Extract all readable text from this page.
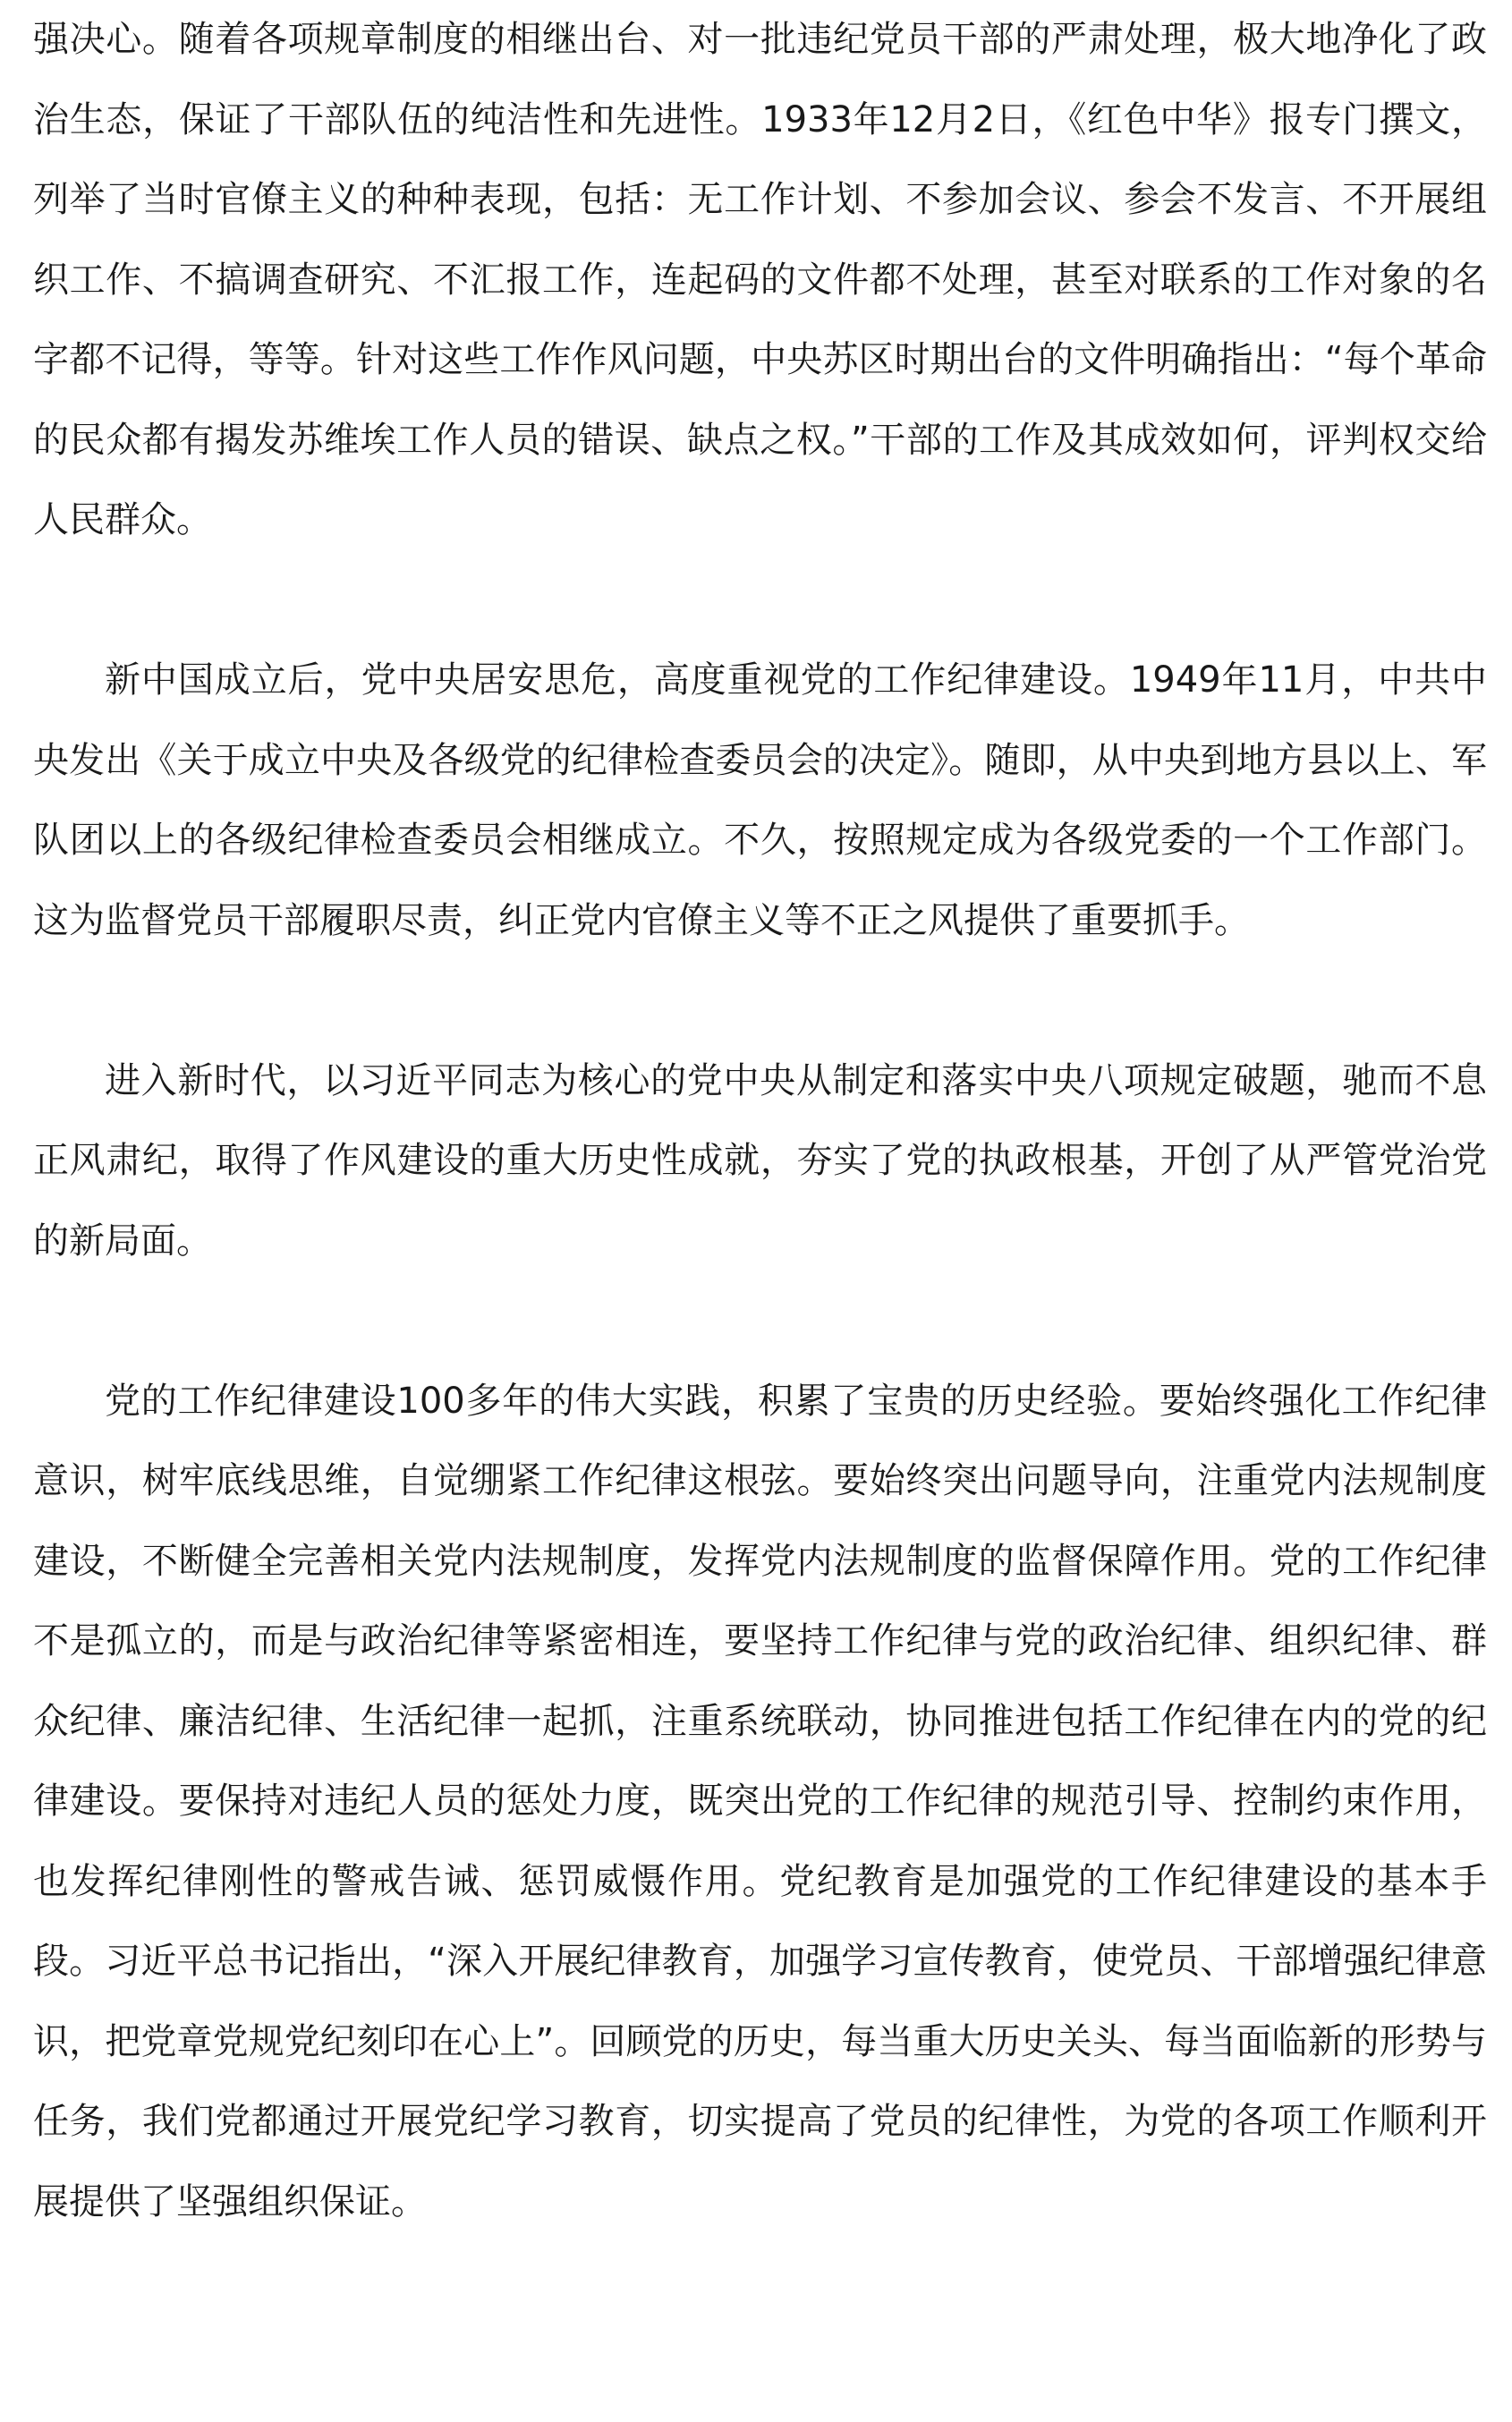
强决心。随着各项规章制度的相继出台、对一批违纪党员干部的严肃处理，极大地净化了政治生态，保证了干部队伍的纯洁性和先进性。1933年12月2日，《红色中华》报专门撰文，列举了当时官僚主义的种种表现，包括：无工作计划、不参加会议、参会不发言、不开展组织工作、不搞调查研究、不汇报工作，连起码的文件都不处理，甚至对联系的工作对象的名字都不记得，等等。针对这些工作作风问题，中央苏区时期出台的文件明确指出：“每个革命的民众都有揭发苏维埃工作人员的错误、缺点之权。”干部的工作及其成效如何，评判权交给人民群众。

新中国成立后，党中央居安思危，高度重视党的工作纪律建设。1949年11月，中共中央发出《关于成立中央及各级党的纪律检查委员会的决定》。随即，从中央到地方县以上、军队团以上的各级纪律检查委员会相继成立。不久，按照规定成为各级党委的一个工作部门。这为监督党员干部履职尽责，纠正党内官僚主义等不正之风提供了重要抓手。

进入新时代，以习近平同志为核心的党中央从制定和落实中央八项规定破题，驰而不息正风肃纪，取得了作风建设的重大历史性成就，夯实了党的执政根基，开创了从严管党治党的新局面。

党的工作纪律建设100多年的伟大实践，积累了宝贵的历史经验。要始终强化工作纪律意识，树牢底线思维，自觉绷紧工作纪律这根弦。要始终突出问题导向，注重党内法规制度建设，不断健全完善相关党内法规制度，发挥党内法规制度的监督保障作用。党的工作纪律不是孤立的，而是与政治纪律等紧密相连，要坚持工作纪律与党的政治纪律、组织纪律、群众纪律、廉洁纪律、生活纪律一起抓，注重系统联动，协同推进包括工作纪律在内的党的纪律建设。要保持对违纪人员的惩处力度，既突出党的工作纪律的规范引导、控制约束作用，也发挥纪律刚性的警戒告诫、惩罚威慑作用。党纪教育是加强党的工作纪律建设的基本手段。习近平总书记指出，“深入开展纪律教育，加强学习宣传教育，使党员、干部增强纪律意识，把党章党规党纪刻印在心上”。回顾党的历史，每当重大历史关头、每当面临新的形势与任务，我们党都通过开展党纪学习教育，切实提高了党员的纪律性，为党的各项工作顺利开展提供了坚强组织保证。
